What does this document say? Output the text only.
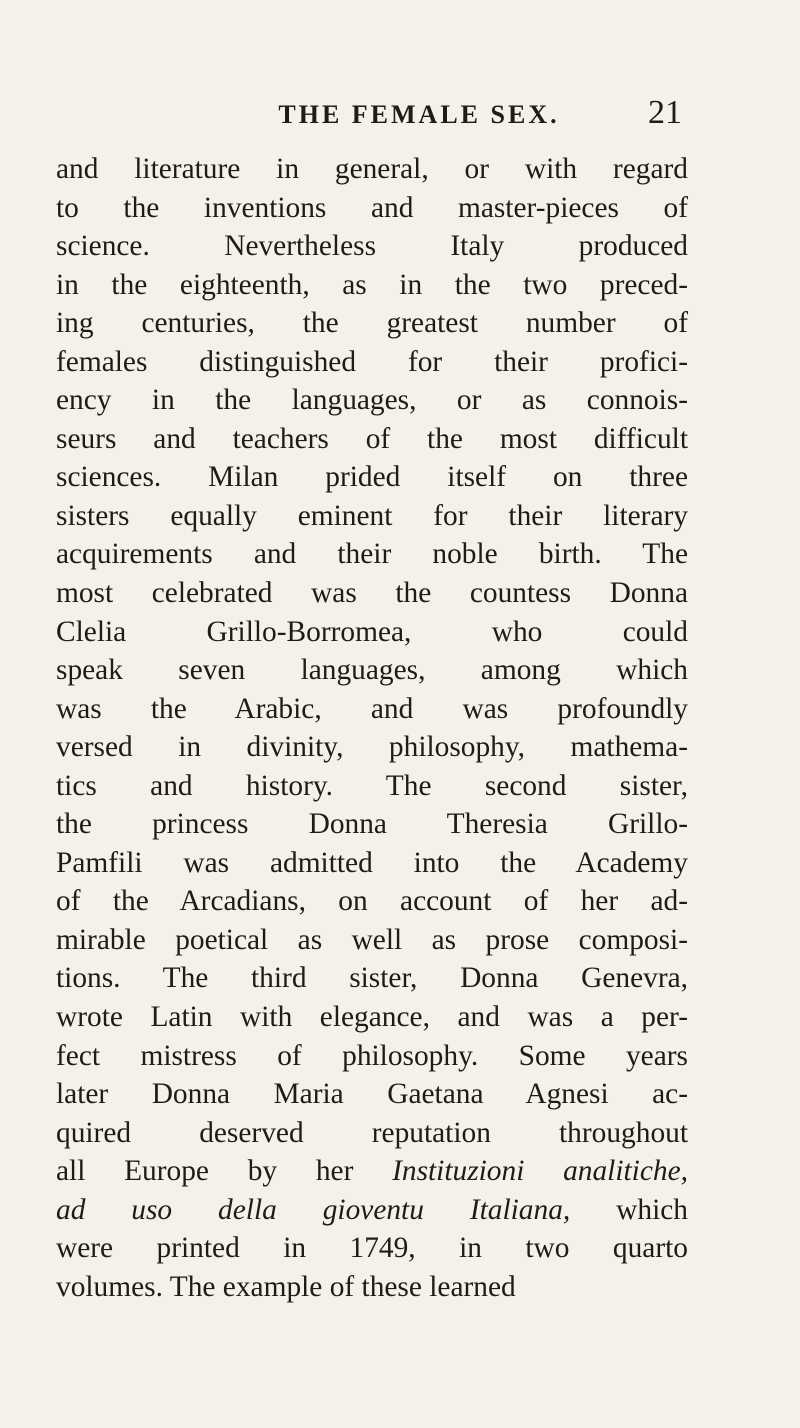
THE FEMALE SEX.	21

and literature in general, or with regard
to the inventions and master-pieces of
science. Nevertheless Italy produced
in the eighteenth, as in the two preced-
ing centuries, the greatest number of
females distinguished for their profici-
ency in the languages, or as connois-
seurs and teachers of the most difficult
sciences. Milan prided itself on three
sisters equally eminent for their literary
acquirements and their noble birth. The
most celebrated was the countess Donna
Clelia Grillo-Borromea, who could
speak seven languages, among which
was the Arabic, and was profoundly
versed in divinity, philosophy, mathema-
tics and history. The second sister,
the princess Donna Theresia Grillo-
Pamfili was admitted into the Academy
of the Arcadians, on account of her ad-
mirable poetical as well as prose composi-
tions. The third sister, Donna Genevra,
wrote Latin with elegance, and was a per-
fect mistress of philosophy. Some years
later Donna Maria Gaetana Agnesi ac-
quired deserved reputation throughout
all Europe by her Instituzioni analitiche,
ad uso della gioventu Italiana, which
were printed in 1749, in two quarto
volumes. The example of these learned
